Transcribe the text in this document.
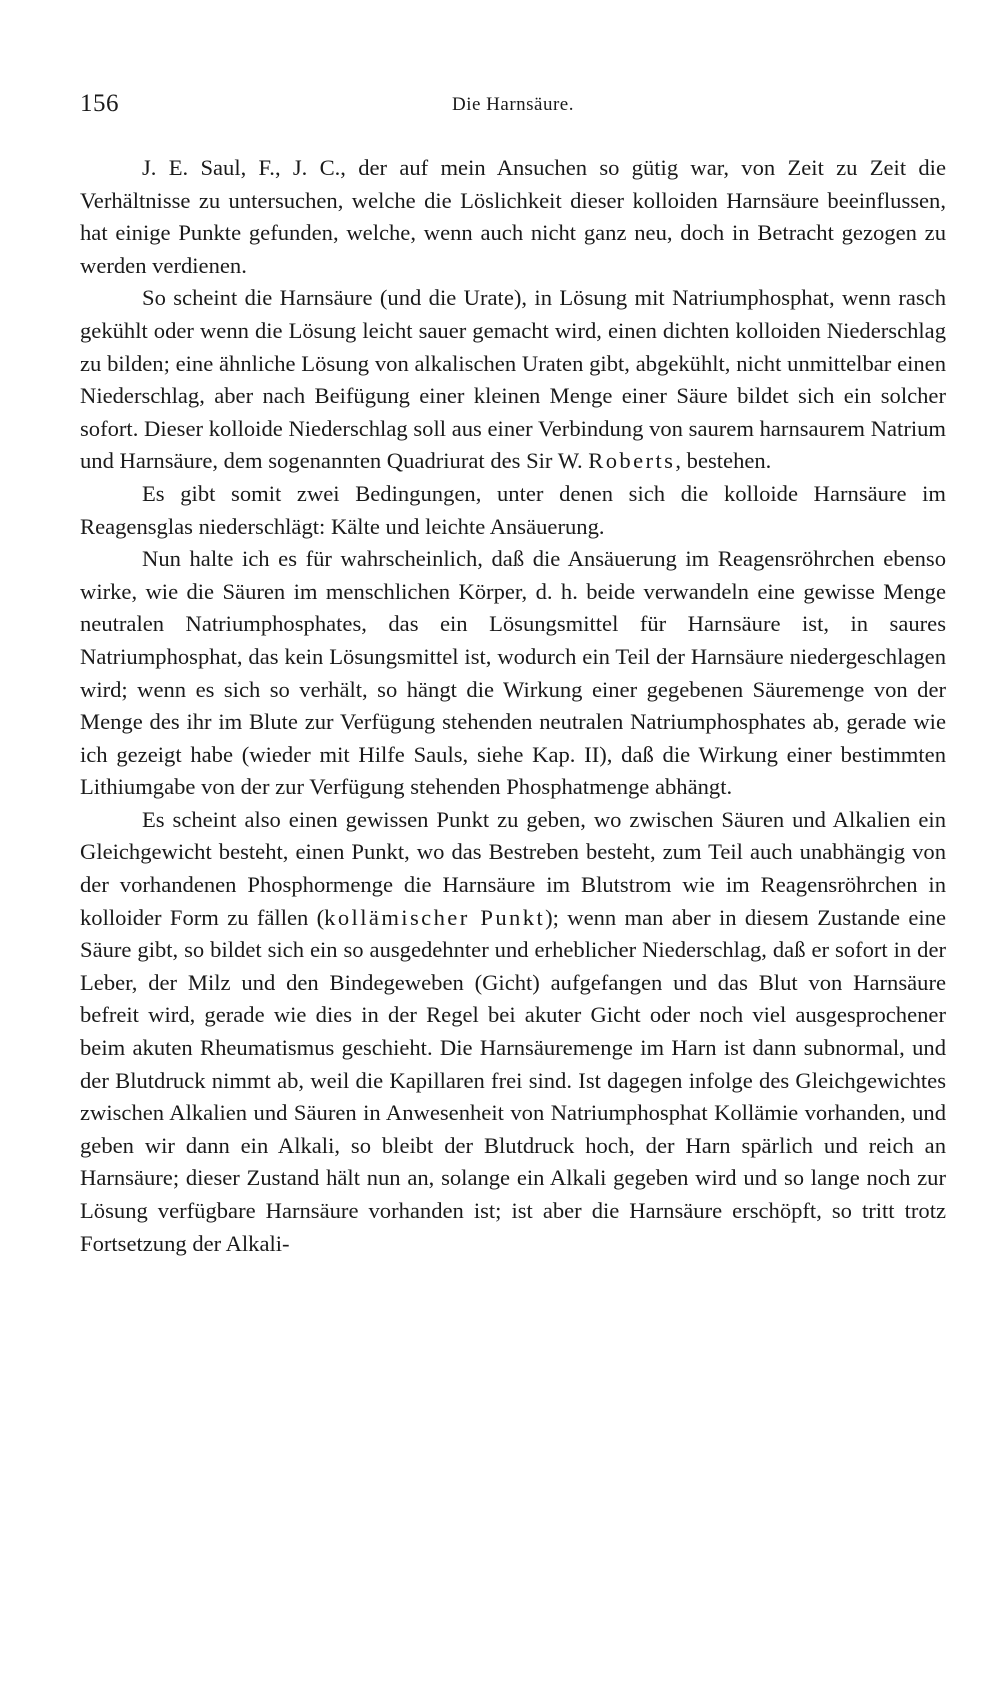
156	Die Harnsäure.

J. E. Saul, F., J. C., der auf mein Ansuchen so gütig war, von Zeit zu Zeit die Verhältnisse zu untersuchen, welche die Löslichkeit dieser kolloiden Harnsäure beeinflussen, hat einige Punkte gefunden, welche, wenn auch nicht ganz neu, doch in Betracht gezogen zu werden verdienen.

So scheint die Harnsäure (und die Urate), in Lösung mit Natriumphosphat, wenn rasch gekühlt oder wenn die Lösung leicht sauer gemacht wird, einen dichten kolloiden Niederschlag zu bilden; eine ähnliche Lösung von alkalischen Uraten gibt, abgekühlt, nicht unmittelbar einen Niederschlag, aber nach Beifügung einer kleinen Menge einer Säure bildet sich ein solcher sofort. Dieser kolloide Niederschlag soll aus einer Verbindung von saurem harnsaurem Natrium und Harnsäure, dem sogenannten Quadriurat des Sir W. Roberts, bestehen.

Es gibt somit zwei Bedingungen, unter denen sich die kolloide Harnsäure im Reagensglas niederschlägt: Kälte und leichte Ansäuerung.

Nun halte ich es für wahrscheinlich, daß die Ansäuerung im Reagensröhrchen ebenso wirke, wie die Säuren im menschlichen Körper, d. h. beide verwandeln eine gewisse Menge neutralen Natriumphosphates, das ein Lösungsmittel für Harnsäure ist, in saures Natriumphosphat, das kein Lösungsmittel ist, wodurch ein Teil der Harnsäure niedergeschlagen wird; wenn es sich so verhält, so hängt die Wirkung einer gegebenen Säuremenge von der Menge des ihr im Blute zur Verfügung stehenden neutralen Natriumphosphates ab, gerade wie ich gezeigt habe (wieder mit Hilfe Sauls, siehe Kap. II), daß die Wirkung einer bestimmten Lithiumgabe von der zur Verfügung stehenden Phosphatmenge abhängt.

Es scheint also einen gewissen Punkt zu geben, wo zwischen Säuren und Alkalien ein Gleichgewicht besteht, einen Punkt, wo das Bestreben besteht, zum Teil auch unabhängig von der vorhandenen Phosphormenge die Harnsäure im Blutstrom wie im Reagensröhrchen in kolloider Form zu fällen (kollämischer Punkt); wenn man aber in diesem Zustande eine Säure gibt, so bildet sich ein so ausgedehnter und erheblicher Niederschlag, daß er sofort in der Leber, der Milz und den Bindegeweben (Gicht) aufgefangen und das Blut von Harnsäure befreit wird, gerade wie dies in der Regel bei akuter Gicht oder noch viel ausgesprochener beim akuten Rheumatismus geschieht. Die Harnsäuremenge im Harn ist dann subnormal, und der Blutdruck nimmt ab, weil die Kapillaren frei sind. Ist dagegen infolge des Gleichgewichtes zwischen Alkalien und Säuren in Anwesenheit von Natriumphosphat Kollämie vorhanden, und geben wir dann ein Alkali, so bleibt der Blutdruck hoch, der Harn spärlich und reich an Harnsäure; dieser Zustand hält nun an, solange ein Alkali gegeben wird und so lange noch zur Lösung verfügbare Harnsäure vorhanden ist; ist aber die Harnsäure erschöpft, so tritt trotz Fortsetzung der Alkali-
